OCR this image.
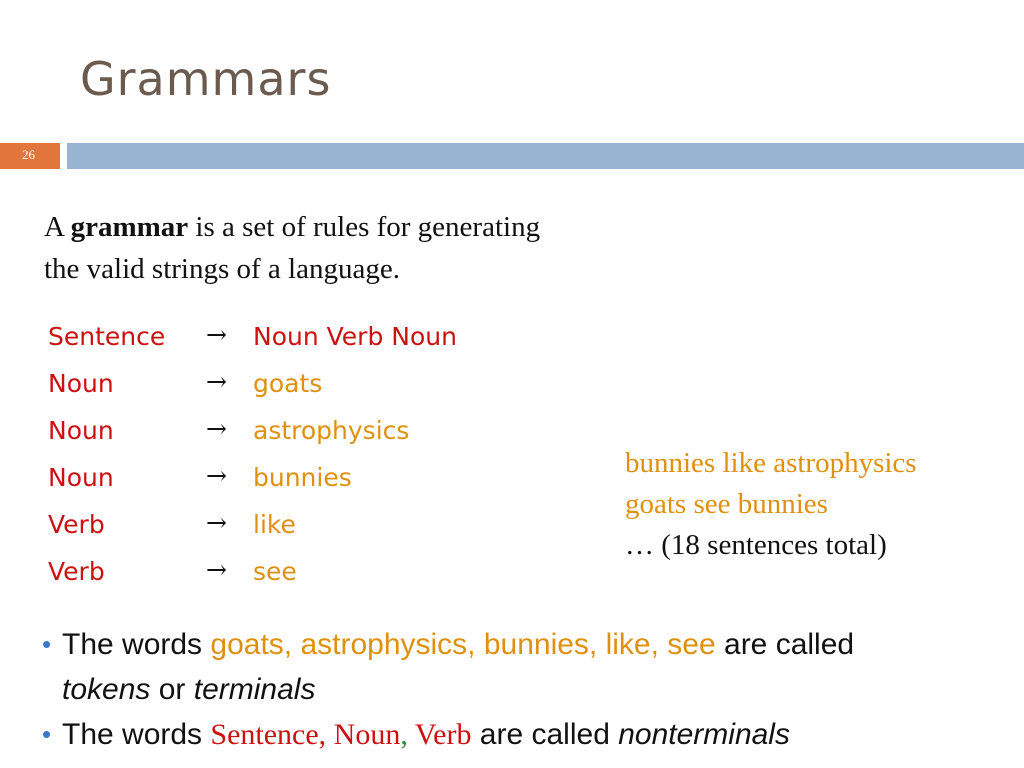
Grammars
26
A grammar is a set of rules for generating
the valid strings of a language.
Sentence → Noun Verb Noun
Noun	→ goats
Noun	→ astrophysics
Noun	→ bunnies
Verb	→ like
Verb	→ see
bunnies like astrophysics
goats see bunnies
… (18 sentences total)
• The words goats, astrophysics, bunnies, like, see are called
tokens or terminals
• The words Sentence, Noun, Verb are called nonterminals
